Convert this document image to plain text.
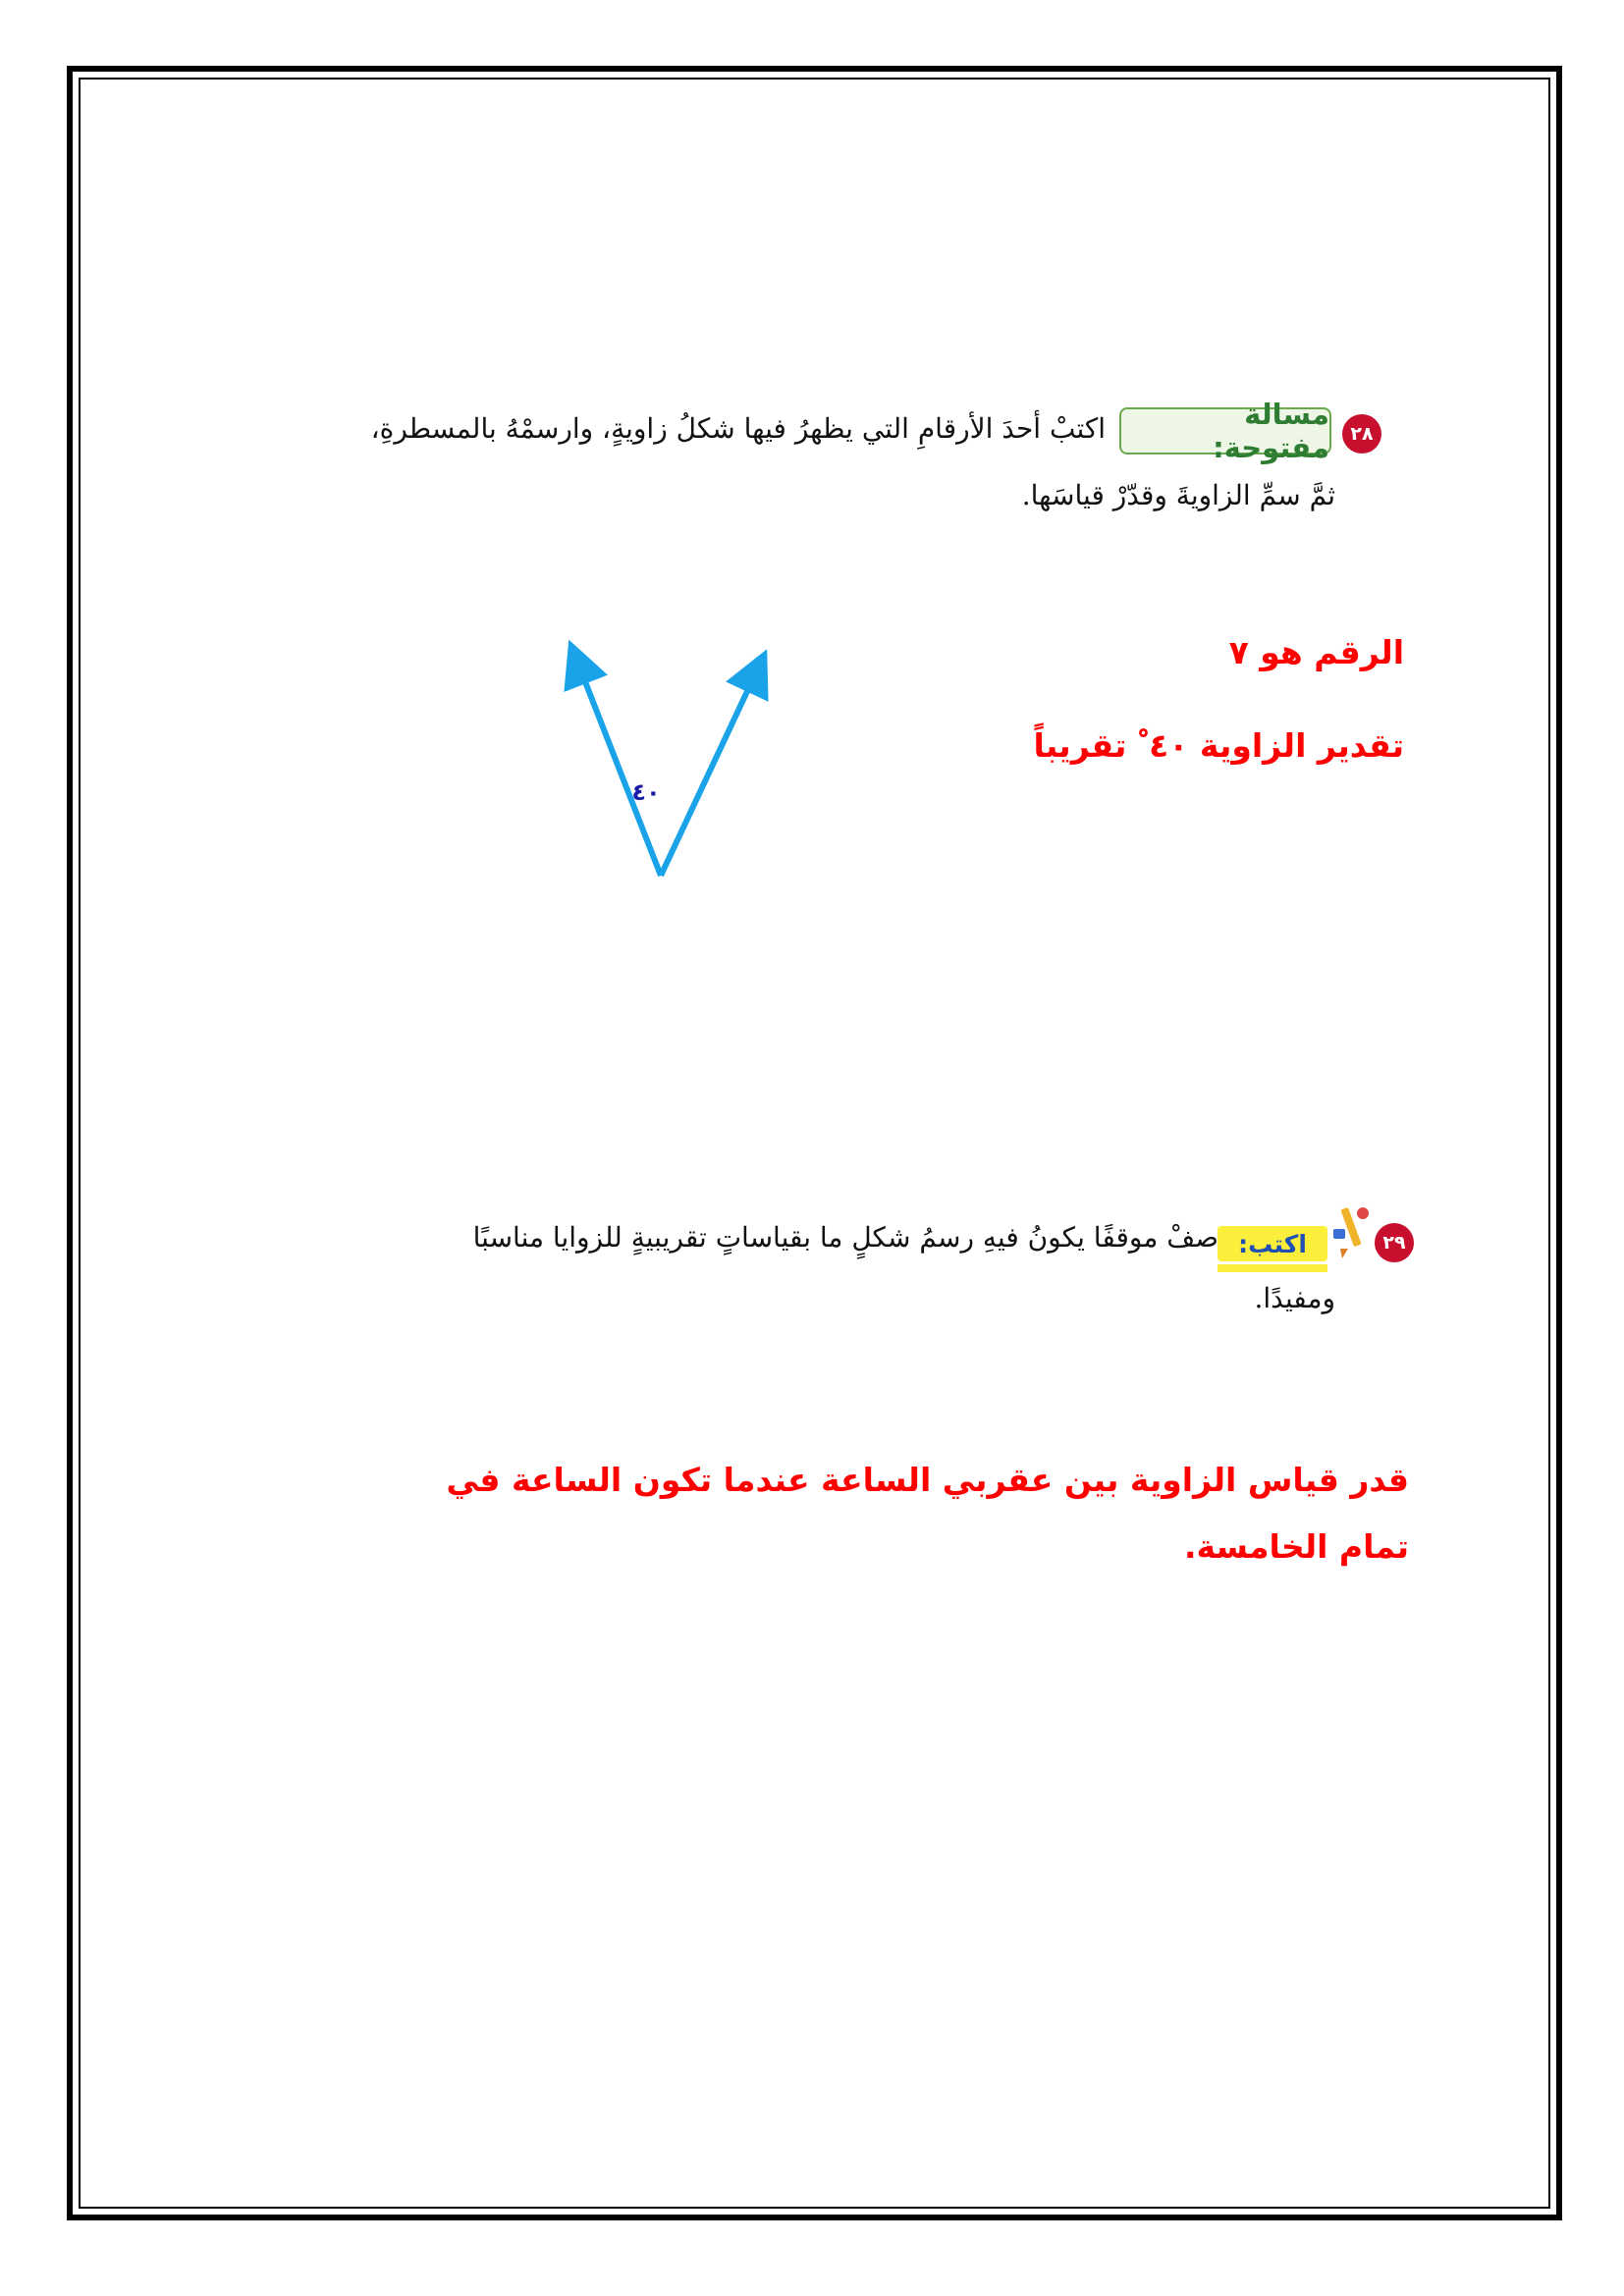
٢٨
مسالة مفتوحة:
اكتبْ أحدَ الأرقامِ التي يظهرُ فيها شكلُ زاويةٍ، وارسمْهُ بالمسطرةِ،
ثمَّ سمِّ الزاويةَ وقدّرْ قياسَها.
الرقم هو ٧
تقدير الزاوية ٤٠ ْ تقريباً
٤٠
٢٩
اكتب:
صفْ موقفًا يكونُ فيهِ رسمُ شكلٍ ما بقياساتٍ تقريبيةٍ للزوايا مناسبًا
ومفيدًا.
قدر قياس الزاوية بين عقربي الساعة عندما تكون الساعة في
تمام الخامسة.
